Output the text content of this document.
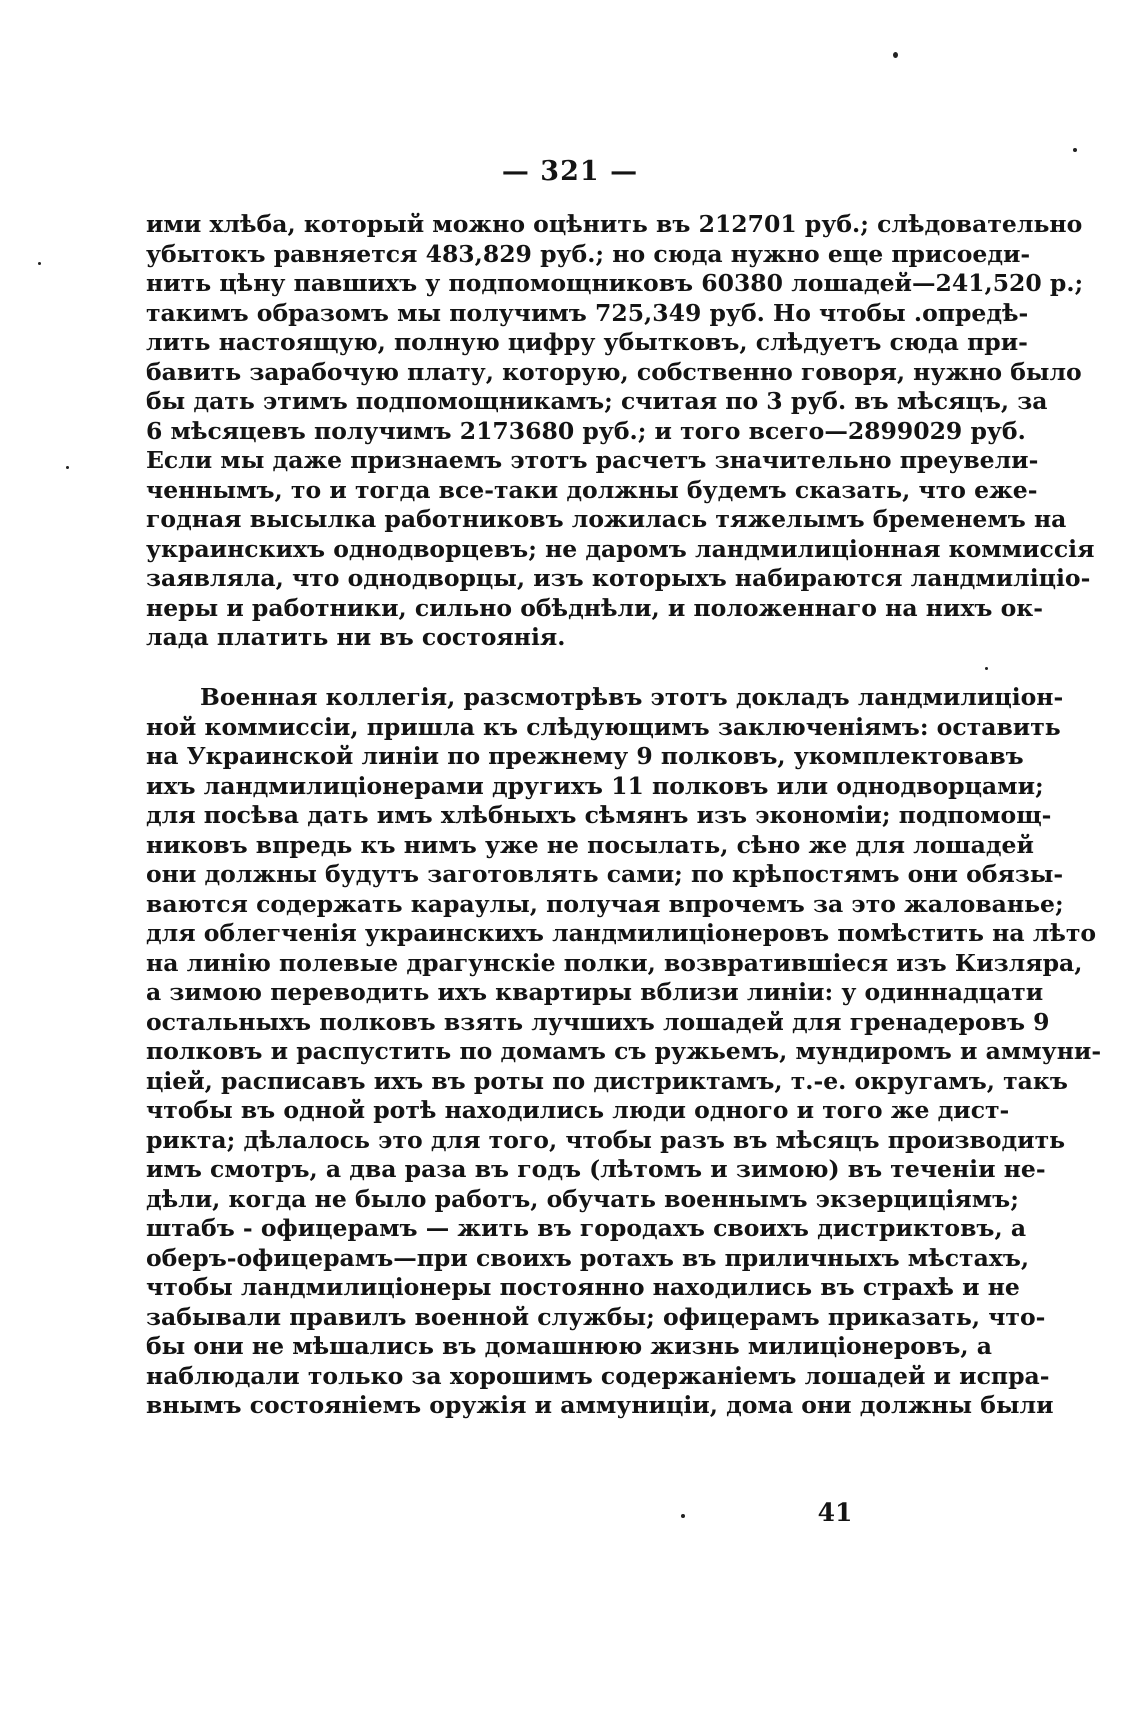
— 321 —
ими хлѣба, который можно оцѣнить въ 212701 руб.; слѣдовательно
убытокъ равняется 483,829 руб.; но сюда нужно еще присоеди-
нить цѣну павшихъ у подпомощниковъ 60380 лошадей—241,520 р.;
такимъ образомъ мы получимъ 725,349 руб. Но чтобы .опредѣ-
лить настоящую, полную цифру убытковъ, слѣдуетъ сюда при-
бавить зарабочую плату, которую, собственно говоря, нужно было
бы дать этимъ подпомощникамъ; считая по 3 руб. въ мѣсяцъ, за
6 мѣсяцевъ получимъ 2173680 руб.; и того всего—2899029 руб.
Если мы даже признаемъ этотъ расчетъ значительно преувели-
ченнымъ, то и тогда все-таки должны будемъ сказать, что еже-
годная высылка работниковъ ложилась тяжелымъ бременемъ на
украинскихъ однодворцевъ; не даромъ ландмилиціонная коммиссія
заявляла, что однодворцы, изъ которыхъ набираются ландмиліціо-
неры и работники, сильно обѣднѣли, и положеннаго на нихъ ок-
лада платить ни въ состоянія.
Военная коллегія, разсмотрѣвъ этотъ докладъ ландмилиціон-
ной коммиссіи, пришла къ слѣдующимъ заключеніямъ: оставить
на Украинской линіи по прежнему 9 полковъ, укомплектовавъ
ихъ ландмилиціонерами другихъ 11 полковъ или однодворцами;
для посѣва дать имъ хлѣбныхъ сѣмянъ изъ экономіи; подпомощ-
никовъ впредь къ нимъ уже не посылать, сѣно же для лошадей
они должны будутъ заготовлять сами; по крѣпостямъ они обязы-
ваются содержать караулы, получая впрочемъ за это жалованье;
для облегченія украинскихъ ландмилиціонеровъ помѣстить на лѣто
на линію полевые драгунскіе полки, возвратившіеся изъ Кизляра,
а зимою переводить ихъ квартиры вблизи линіи: у одиннадцати
остальныхъ полковъ взять лучшихъ лошадей для гренадеровъ 9
полковъ и распустить по домамъ съ ружьемъ, мундиромъ и аммуни-
ціей, расписавъ ихъ въ роты по дистриктамъ, т.-е. округамъ, такъ
чтобы въ одной ротѣ находились люди одного и того же дист-
рикта; дѣлалось это для того, чтобы разъ въ мѣсяцъ производить
имъ смотръ, а два раза въ годъ (лѣтомъ и зимою) въ теченіи не-
дѣли, когда не было работъ, обучать военнымъ экзерциціямъ;
штабъ - офицерамъ — жить въ городахъ своихъ дистриктовъ, а
оберъ-офицерамъ—при своихъ ротахъ въ приличныхъ мѣстахъ,
чтобы ландмилиціонеры постоянно находились въ страхѣ и не
забывали правилъ военной службы; офицерамъ приказать, что-
бы они не мѣшались въ домашнюю жизнь милиціонеровъ, а
наблюдали только за хорошимъ содержаніемъ лошадей и испра-
внымъ состояніемъ оружія и аммуниціи, дома они должны были
41
